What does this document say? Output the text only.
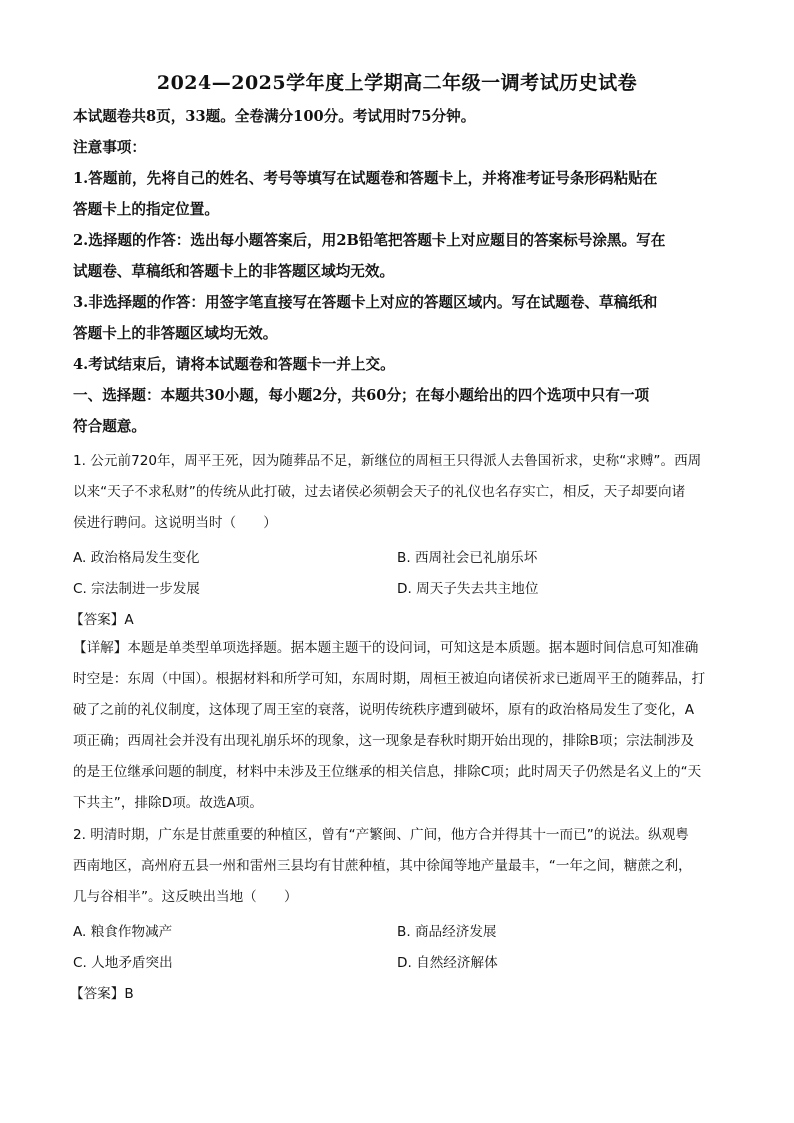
2024—2025学年度上学期高二年级一调考试历史试卷
本试题卷共8页，33题。全卷满分100分。考试用时75分钟。
注意事项：
1.答题前，先将自己的姓名、考号等填写在试题卷和答题卡上，并将准考证号条形码粘贴在
答题卡上的指定位置。
2.选择题的作答：选出每小题答案后，用2B铅笔把答题卡上对应题目的答案标号涂黑。写在
试题卷、草稿纸和答题卡上的非答题区域均无效。
3.非选择题的作答：用签字笔直接写在答题卡上对应的答题区域内。写在试题卷、草稿纸和
答题卡上的非答题区域均无效。
4.考试结束后，请将本试题卷和答题卡一并上交。
一、选择题：本题共30小题，每小题2分，共60分；在每小题给出的四个选项中只有一项
符合题意。
1. 公元前720年，周平王死，因为随葬品不足，新继位的周桓王只得派人去鲁国祈求，史称“求赙”。西周
以来“天子不求私财”的传统从此打破，过去诸侯必须朝会天子的礼仪也名存实亡，相反，天子却要向诸
侯进行聘问。这说明当时（　　）
A. 政治格局发生变化	B. 西周社会已礼崩乐坏
C. 宗法制进一步发展	D. 周天子失去共主地位
【答案】A
【详解】本题是单类型单项选择题。据本题主题干的设问词，可知这是本质题。据本题时间信息可知准确
时空是：东周（中国）。根据材料和所学可知，东周时期，周桓王被迫向诸侯祈求已逝周平王的随葬品，打
破了之前的礼仪制度，这体现了周王室的衰落，说明传统秩序遭到破坏，原有的政治格局发生了变化，A
项正确；西周社会并没有出现礼崩乐坏的现象，这一现象是春秋时期开始出现的，排除B项；宗法制涉及
的是王位继承问题的制度，材料中未涉及王位继承的相关信息，排除C项；此时周天子仍然是名义上的“天
下共主”，排除D项。故选A项。
2. 明清时期，广东是甘蔗重要的种植区，曾有“产繁闽、广间，他方合并得其十一而已”的说法。纵观粤
西南地区，高州府五县一州和雷州三县均有甘蔗种植，其中徐闻等地产量最丰，“一年之间，糖蔗之利，
几与谷相半”。这反映出当地（　　）
A. 粮食作物减产	B. 商品经济发展
C. 人地矛盾突出	D. 自然经济解体
【答案】B
